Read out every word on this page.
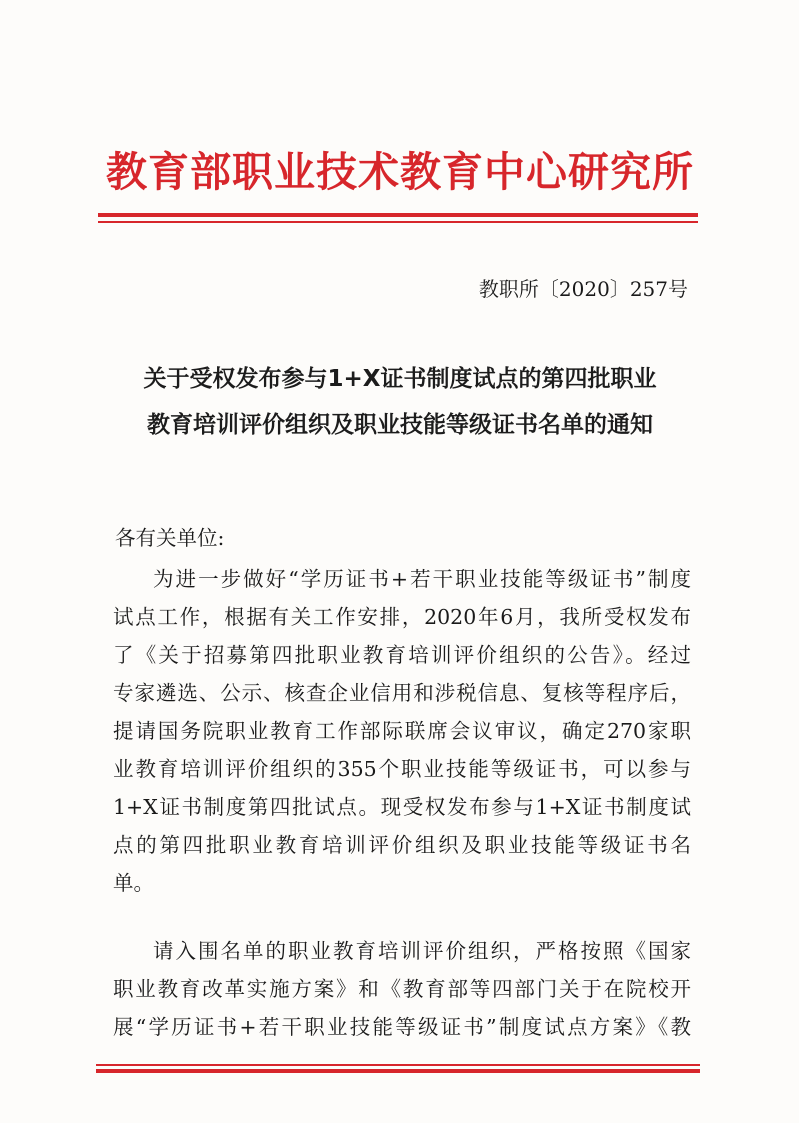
教育部职业技术教育中心研究所
教职所〔2020〕257号
关于受权发布参与1+X证书制度试点的第四批职业
教育培训评价组织及职业技能等级证书名单的通知
各有关单位:
为进一步做好“学历证书+若干职业技能等级证书”制度
试点工作，根据有关工作安排，2020年6月，我所受权发布
了《关于招募第四批职业教育培训评价组织的公告》。经过
专家遴选、公示、核查企业信用和涉税信息、复核等程序后，
提请国务院职业教育工作部际联席会议审议，确定270家职
业教育培训评价组织的355个职业技能等级证书，可以参与
1+X证书制度第四批试点。现受权发布参与1+X证书制度试
点的第四批职业教育培训评价组织及职业技能等级证书名
单。
请入围名单的职业教育培训评价组织，严格按照《国家
职业教育改革实施方案》和《教育部等四部门关于在院校开
展“学历证书+若干职业技能等级证书”制度试点方案》《教
